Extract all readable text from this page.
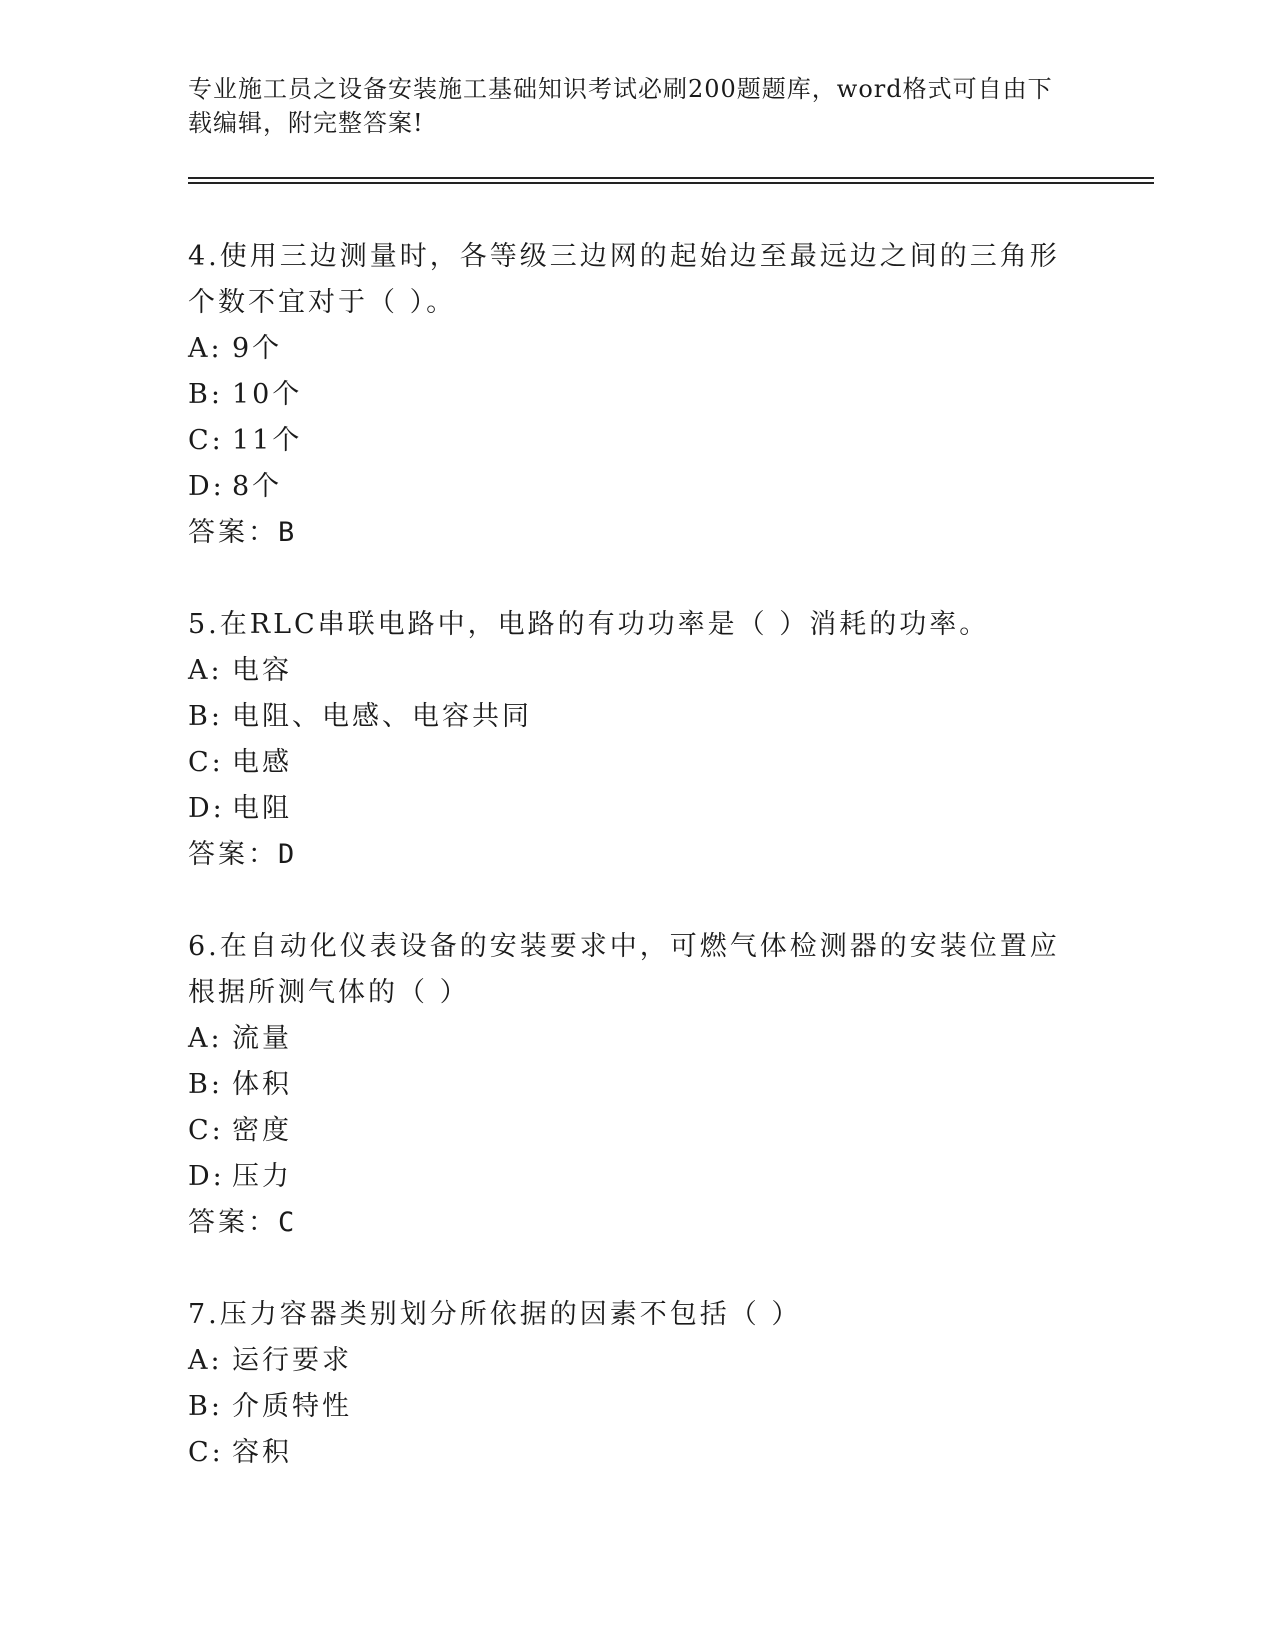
专业施工员之设备安装施工基础知识考试必刷200题题库，word格式可自由下载编辑，附完整答案!
4.使用三边测量时，各等级三边网的起始边至最远边之间的三角形个数不宜对于（ ）。
A: 9个
B: 10个
C: 11个
D: 8个
答案：B
5.在RLC串联电路中，电路的有功功率是（ ）消耗的功率。
A: 电容
B: 电阻、电感、电容共同
C: 电感
D: 电阻
答案：D
6.在自动化仪表设备的安装要求中，可燃气体检测器的安装位置应根据所测气体的（ ）
A: 流量
B: 体积
C: 密度
D: 压力
答案：C
7.压力容器类别划分所依据的因素不包括（ ）
A: 运行要求
B: 介质特性
C: 容积
